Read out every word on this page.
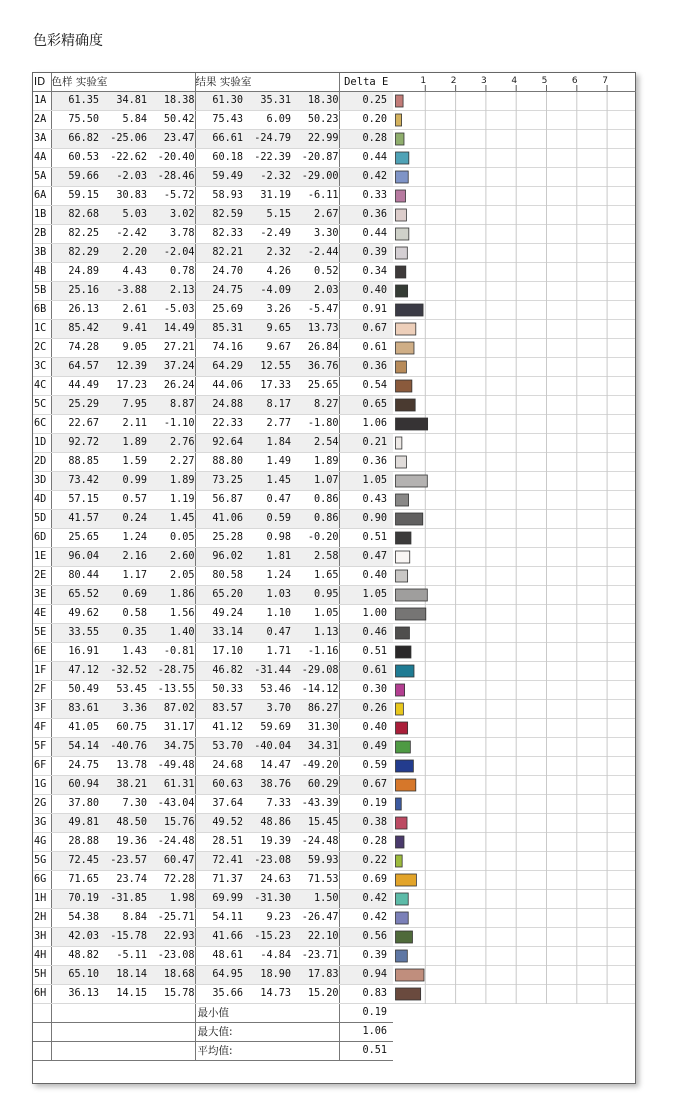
色彩精确度
ID	色样 实验室			结果 实验室			Delta E	
1A	61.35	34.81	18.38	61.30	35.31	18.30	0.25	
2A	75.50	5.84	50.42	75.43	6.09	50.23	0.20	
3A	66.82	-25.06	23.47	66.61	-24.79	22.99	0.28	
4A	60.53	-22.62	-20.40	60.18	-22.39	-20.87	0.44	
5A	59.66	-2.03	-28.46	59.49	-2.32	-29.00	0.42	
6A	59.15	30.83	-5.72	58.93	31.19	-6.11	0.33	
1B	82.68	5.03	3.02	82.59	5.15	2.67	0.36	
2B	82.25	-2.42	3.78	82.33	-2.49	3.30	0.44	
3B	82.29	2.20	-2.04	82.21	2.32	-2.44	0.39	
4B	24.89	4.43	0.78	24.70	4.26	0.52	0.34	
5B	25.16	-3.88	2.13	24.75	-4.09	2.03	0.40	
6B	26.13	2.61	-5.03	25.69	3.26	-5.47	0.91	
1C	85.42	9.41	14.49	85.31	9.65	13.73	0.67	
2C	74.28	9.05	27.21	74.16	9.67	26.84	0.61	
3C	64.57	12.39	37.24	64.29	12.55	36.76	0.36	
4C	44.49	17.23	26.24	44.06	17.33	25.65	0.54	
5C	25.29	7.95	8.87	24.88	8.17	8.27	0.65	
6C	22.67	2.11	-1.10	22.33	2.77	-1.80	1.06	
1D	92.72	1.89	2.76	92.64	1.84	2.54	0.21	
2D	88.85	1.59	2.27	88.80	1.49	1.89	0.36	
3D	73.42	0.99	1.89	73.25	1.45	1.07	1.05	
4D	57.15	0.57	1.19	56.87	0.47	0.86	0.43	
5D	41.57	0.24	1.45	41.06	0.59	0.86	0.90	
6D	25.65	1.24	0.05	25.28	0.98	-0.20	0.51	
1E	96.04	2.16	2.60	96.02	1.81	2.58	0.47	
2E	80.44	1.17	2.05	80.58	1.24	1.65	0.40	
3E	65.52	0.69	1.86	65.20	1.03	0.95	1.05	
4E	49.62	0.58	1.56	49.24	1.10	1.05	1.00	
5E	33.55	0.35	1.40	33.14	0.47	1.13	0.46	
6E	16.91	1.43	-0.81	17.10	1.71	-1.16	0.51	
1F	47.12	-32.52	-28.75	46.82	-31.44	-29.08	0.61	
2F	50.49	53.45	-13.55	50.33	53.46	-14.12	0.30	
3F	83.61	3.36	87.02	83.57	3.70	86.27	0.26	
4F	41.05	60.75	31.17	41.12	59.69	31.30	0.40	
5F	54.14	-40.76	34.75	53.70	-40.04	34.31	0.49	
6F	24.75	13.78	-49.48	24.68	14.47	-49.20	0.59	
1G	60.94	38.21	61.31	60.63	38.76	60.29	0.67	
2G	37.80	7.30	-43.04	37.64	7.33	-43.39	0.19	
3G	49.81	48.50	15.76	49.52	48.86	15.45	0.38	
4G	28.88	19.36	-24.48	28.51	19.39	-24.48	0.28	
5G	72.45	-23.57	60.47	72.41	-23.08	59.93	0.22	
6G	71.65	23.74	72.28	71.37	24.63	71.53	0.69	
1H	70.19	-31.85	1.98	69.99	-31.30	1.50	0.42	
2H	54.38	8.84	-25.71	54.11	9.23	-26.47	0.42	
3H	42.03	-15.78	22.93	41.66	-15.23	22.10	0.56	
4H	48.82	-5.11	-23.08	48.61	-4.84	-23.71	0.39	
5H	65.10	18.14	18.68	64.95	18.90	17.83	0.94	
6H	36.13	14.15	15.78	35.66	14.73	15.20	0.83	
				最小值			0.19	
				最大值:			1.06	
				平均值:			0.51	
1	2	3	4	5	6	7
